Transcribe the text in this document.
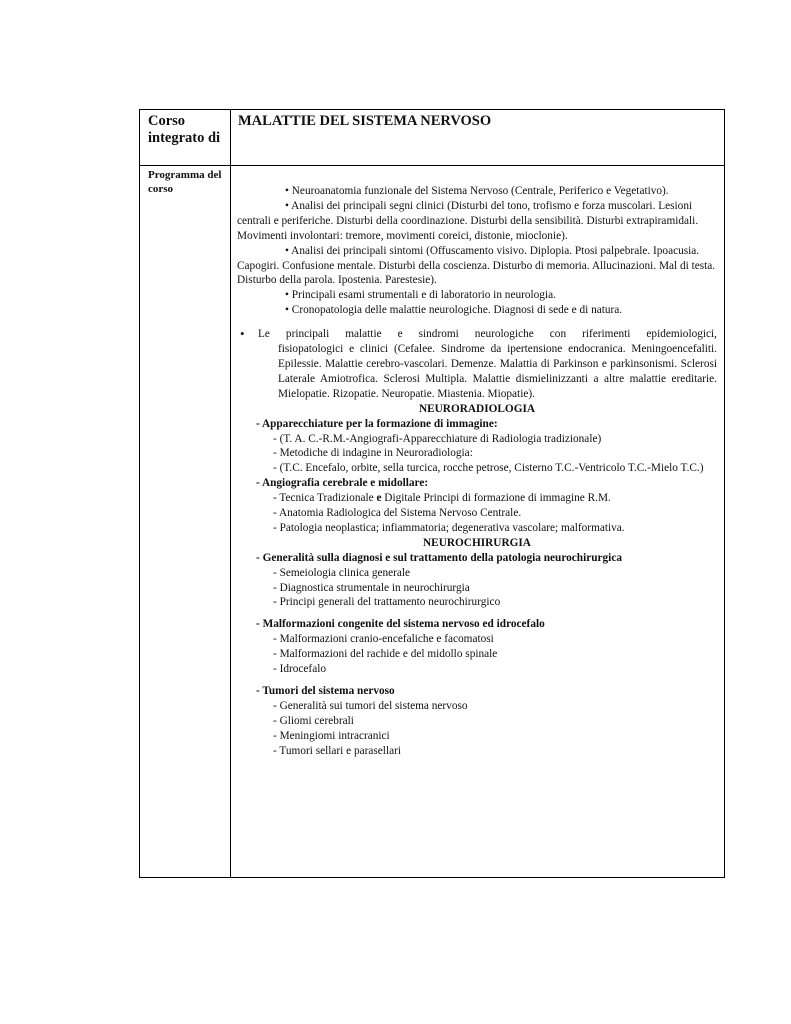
Corso integrato di
MALATTIE DEL SISTEMA NERVOSO
Programma del corso	• Neuroanatomia funzionale del Sistema Nervoso (Centrale, Periferico e Vegetativo).

• Analisi dei principali segni clinici (Disturbi del tono, trofismo e forza muscolari. Lesioni centrali e periferiche. Disturbi della coordinazione. Disturbi della sensibilità. Disturbi extrapiramidali. Movimenti involontari: tremore, movimenti coreici, distonie, mioclonie).

• Analisi dei principali sintomi (Offuscamento visivo. Diplopia. Ptosi palpebrale. Ipoacusia. Capogiri. Confusione mentale. Disturbi della coscienza. Disturbo di memoria. Allucinazioni. Mal di testa. Disturbo della parola. Ipostenia. Parestesie).

• Principali esami strumentali e di laboratorio in neurologia.

• Cronopatologia delle malattie neurologiche. Diagnosi di sede e di natura.

• Le principali malattie e sindromi neurologiche con riferimenti epidemiologici,

fisiopatologici e clinici (Cefalee. Sindrome da ipertensione endocranica. Meningoencefaliti. Epilessie. Malattie cerebro-vascolari. Demenze. Malattia di Parkinson e parkinsonismi. Sclerosi Laterale Amiotrofica. Sclerosi Multipla. Malattie dismielinizzanti a altre malattie ereditarie. Mielopatie. Rizopatie. Neuropatie. Miastenia. Miopatie).

NEURORADIOLOGIA

- Apparecchiature per la formazione di immagine:

- (T. A. C.-R.M.-Angiografi-Apparecchiature di Radiologia tradizionale)

- Metodiche di indagine in Neuroradiologia:

- (T.C. Encefalo, orbite, sella turcica, rocche petrose, Cisterno T.C.-Ventricolo T.C.-Mielo T.C.)

- Angiografia cerebrale e midollare:

- Tecnica Tradizionale e Digitale Principi di formazione di immagine R.M.

- Anatomia Radiologica del Sistema Nervoso Centrale.

- Patologia neoplastica; infiammatoria; degenerativa vascolare; malformativa.

NEUROCHIRURGIA

- Generalità sulla diagnosi e sul trattamento della patologia neurochirurgica

- Semeiologia clinica generale

- Diagnostica strumentale in neurochirurgia

- Principi generali del trattamento neurochirurgico

- Malformazioni congenite del sistema nervoso ed idrocefalo

- Malformazioni cranio-encefaliche e facomatosi

- Malformazioni del rachide e del midollo spinale

- Idrocefalo

- Tumori del sistema nervoso

- Generalità sui tumori del sistema nervoso

- Gliomi cerebrali

- Meningiomi intracranici

- Tumori sellari e parasellari
